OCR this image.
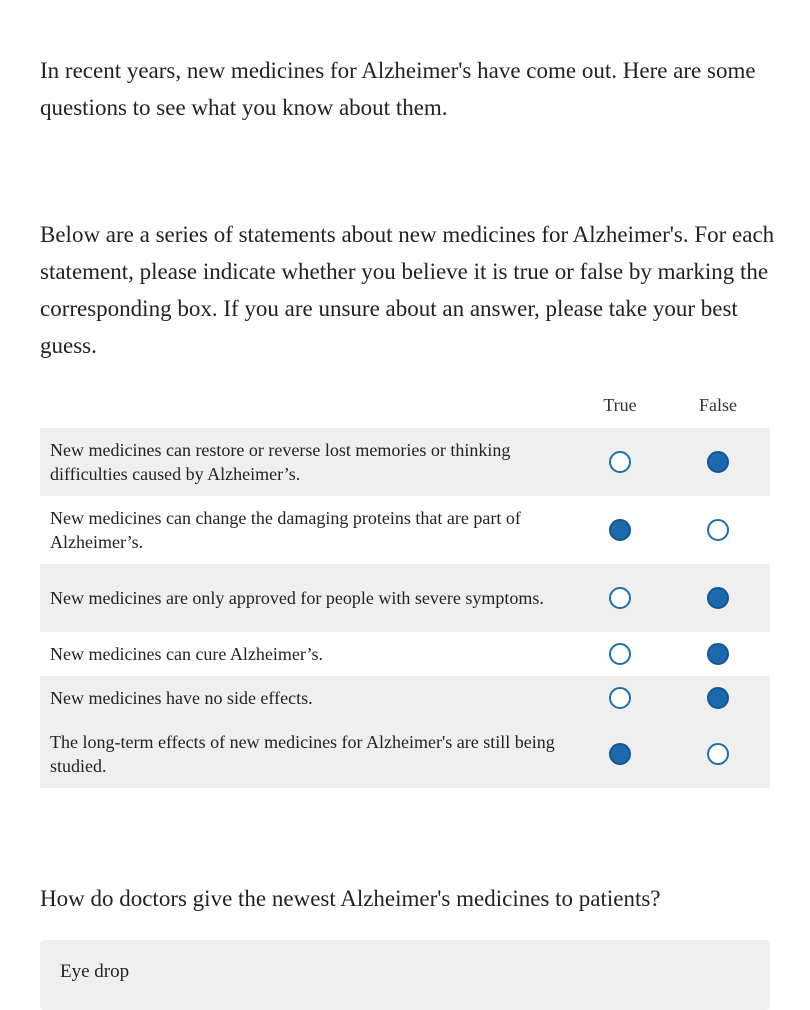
In recent years, new medicines for Alzheimer's have come out. Here are some questions to see what you know about them.

Below are a series of statements about new medicines for Alzheimer's. For each statement, please indicate whether you believe it is true or false by marking the corresponding box. If you are unsure about an answer, please take your best guess.

True	False
New medicines can restore or reverse lost memories or thinking difficulties caused by Alzheimer’s.
New medicines can change the damaging proteins that are part of Alzheimer’s.
New medicines are only approved for people with severe symptoms.
New medicines can cure Alzheimer’s.
New medicines have no side effects.
The long-term effects of new medicines for Alzheimer's are still being studied.

How do doctors give the newest Alzheimer's medicines to patients?

Eye drop
